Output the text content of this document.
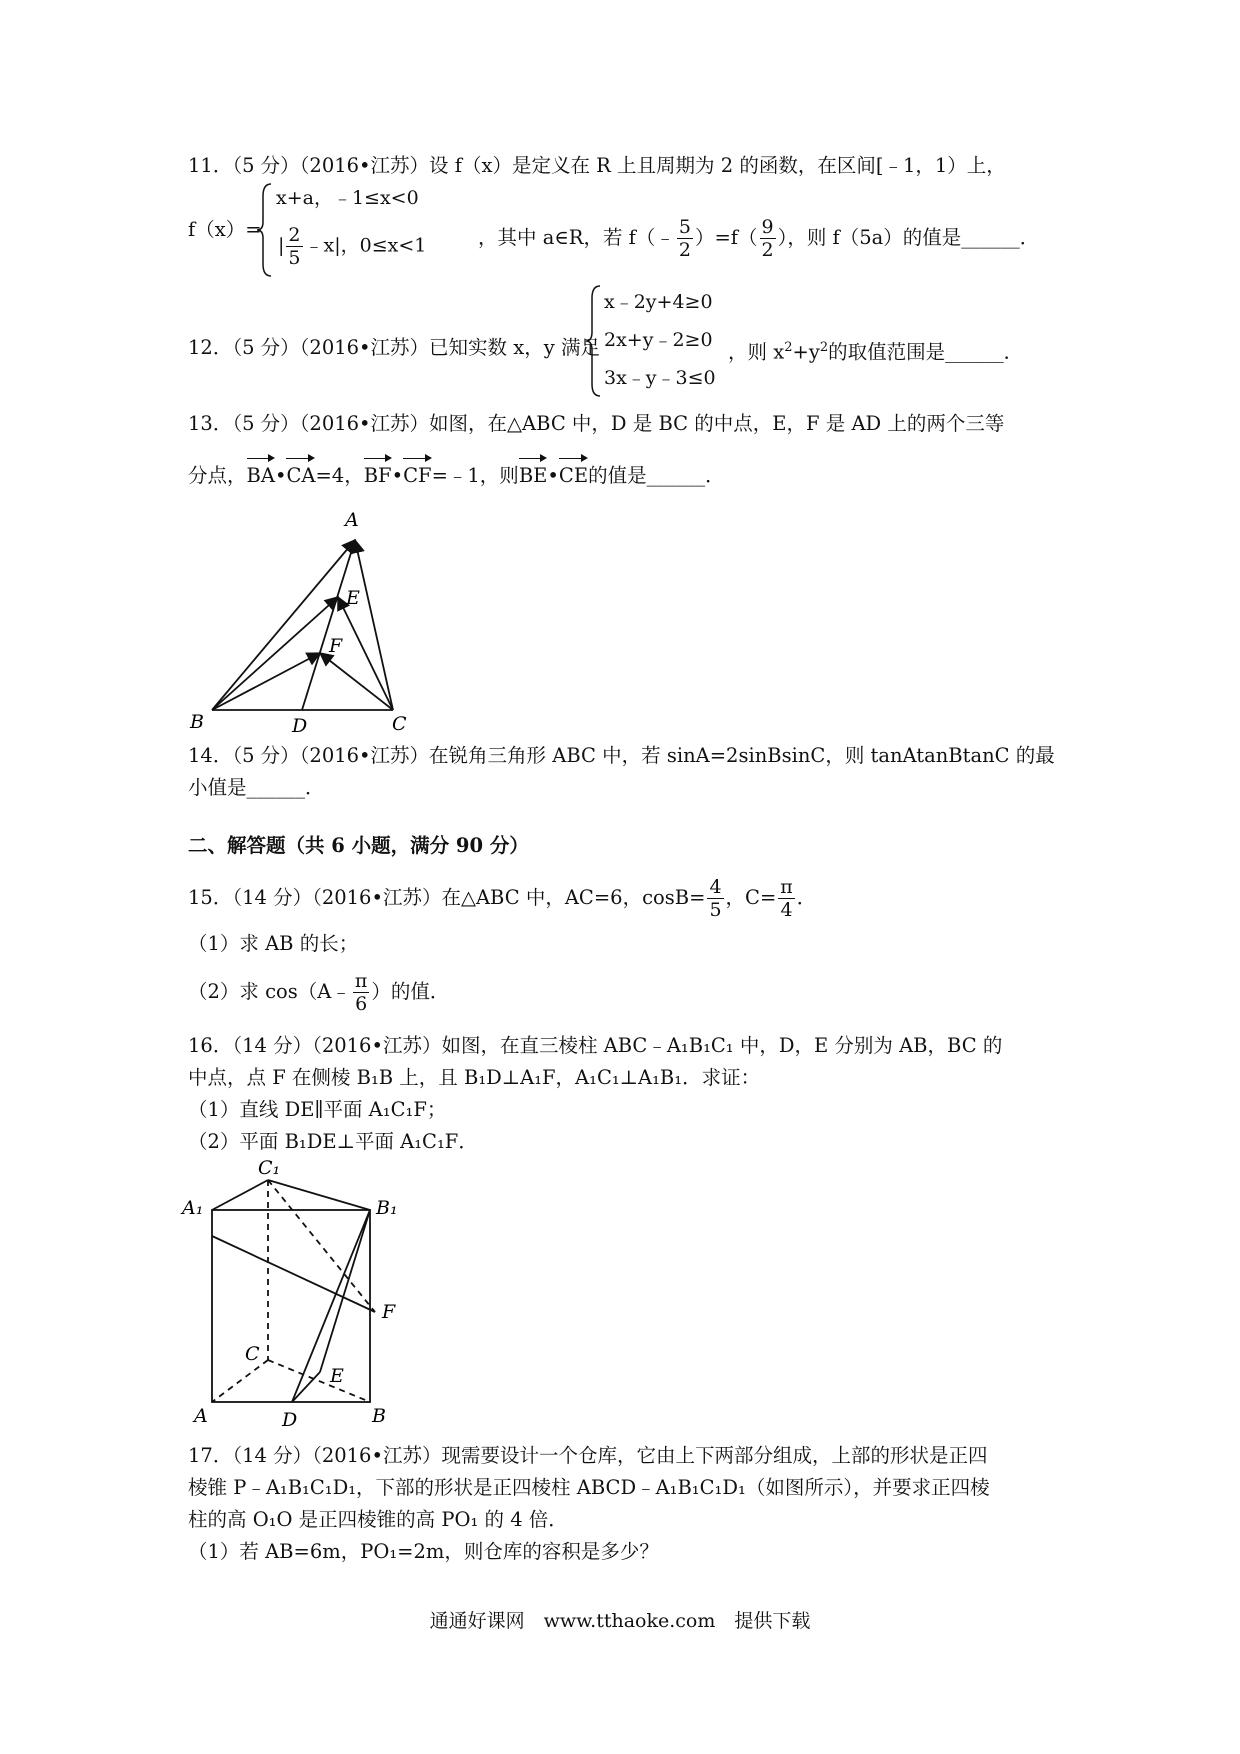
11．（5 分）（2016•江苏）设 f（x）是定义在 R 上且周期为 2 的函数，在区间[﹣1，1）上，
f（x）=
x+a，﹣1≤x<0
| $\frac{2}{5}$ ﹣x|，0≤x<1	，其中 a∈R，若 f（﹣ $\frac{5}{2} )=f( \frac{9}{2}$ ），则 f（5a）的值是______．
12．（5 分）（2016•江苏）已知实数 x，y 满足
x﹣2y+4≥0
2x+y﹣2≥0
3x﹣y﹣3≤0
，则 $x^2+y^2$的取值范围是______．
13．（5 分）（2016•江苏）如图，在△ABC 中，D 是 BC 的中点，E，F 是 AD 上的两个三等
分点，BA•CA=4，BF•CF=﹣1，则BE•CE的值是______．
A
B	C
D
E
F
14．（5 分）（2016•江苏）在锐角三角形 ABC 中，若 sinA=2sinBsinC，则 tanAtanBtanC 的最
小值是______．
二、解答题（共 6 小题，满分 90 分）
15．（14 分）（2016•江苏）在△ABC 中，AC=6，$\cos B= \frac{4}{5}$ ，$C= \frac{\pi}{4}$ ．
（1）求 AB 的长；
（2）求 cos（A﹣ $\frac{\pi}{6}$ ）的值．
16．（14 分）（2016•江苏）如图，在直三棱柱 ABC﹣A₁B₁C₁ 中，D，E 分别为 AB，BC 的
中点，点 F 在侧棱 B₁B 上，且 B₁D⊥A₁F，A₁C₁⊥A₁B₁．求证：
（1）直线 DE∥平面 A₁C₁F；
（2）平面 B₁DE⊥平面 A₁C₁F．
C₁
A₁	B₁
F
C
E
A	D	B
17．（14 分）（2016•江苏）现需要设计一个仓库，它由上下两部分组成，上部的形状是正四
棱锥 P﹣A₁B₁C₁D₁，下部的形状是正四棱柱 ABCD﹣A₁B₁C₁D₁（如图所示），并要求正四棱
柱的高 O₁O 是正四棱锥的高 PO₁ 的 4 倍．
（1）若 AB=6m，PO₁=2m，则仓库的容积是多少？
通通好课网　www.tthaoke.com　提供下载
